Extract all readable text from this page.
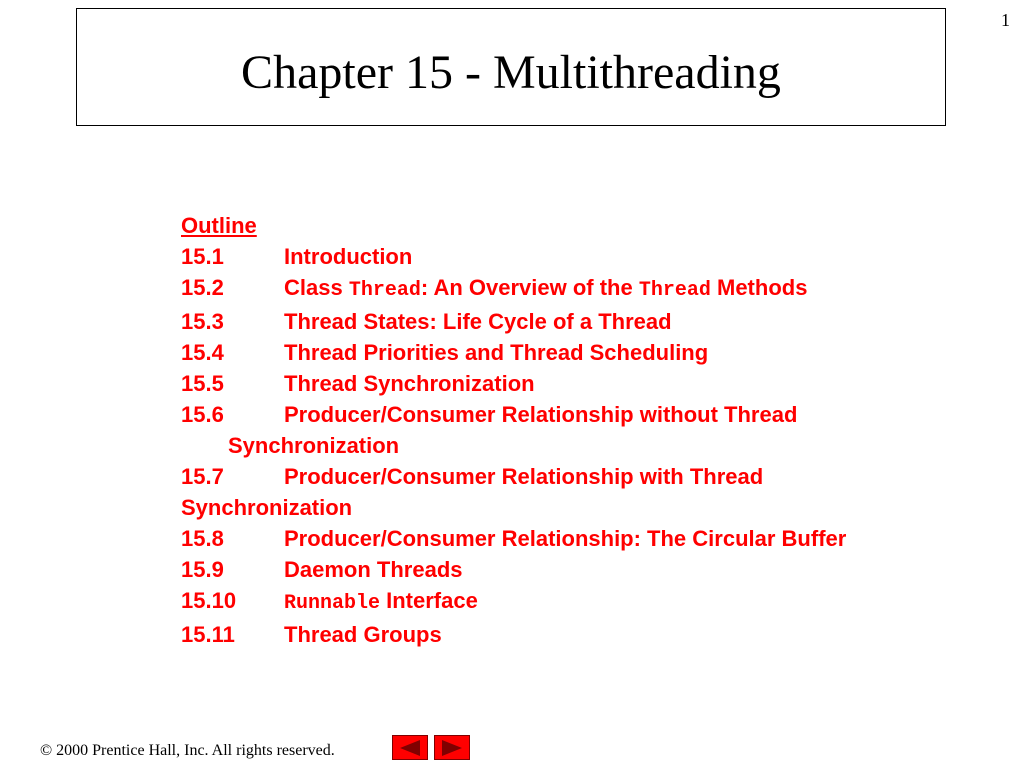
1
Chapter 15 - Multithreading
Outline
15.1	Introduction
15.2	Class Thread: An Overview of the Thread Methods
15.3	Thread States: Life Cycle of a Thread
15.4	Thread Priorities and Thread Scheduling
15.5	Thread Synchronization
15.6	Producer/Consumer Relationship without Thread
Synchronization
15.7	Producer/Consumer Relationship with Thread
Synchronization
15.8	Producer/Consumer Relationship: The Circular Buffer
15.9	Daemon Threads
15.10 Runnable Interface
15.11 Thread Groups
© 2000 Prentice Hall, Inc. All rights reserved.
